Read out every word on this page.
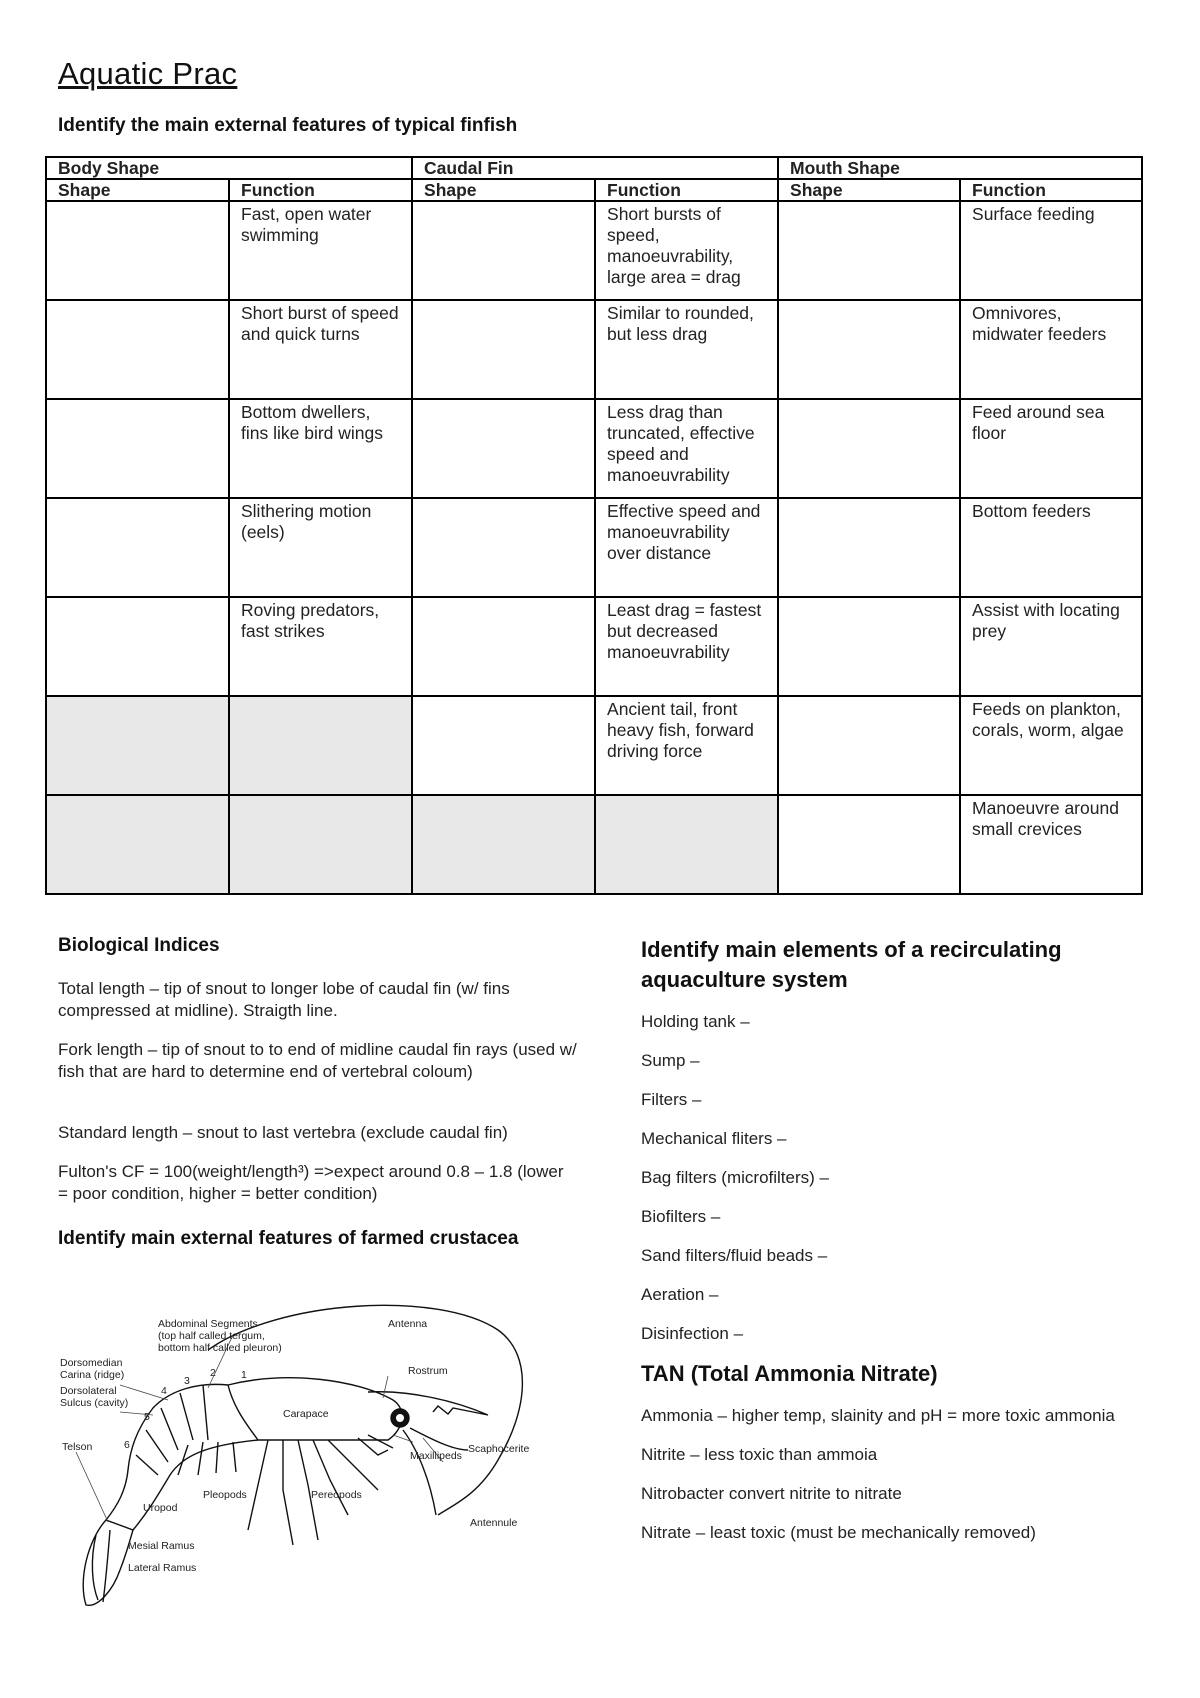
Aquatic Prac
Identify the main external features of typical finfish
Body Shape		Caudal Fin		Mouth Shape	
Shape	Function	Shape	Function	Shape	Function
	Fast, open water swimming		Short bursts of speed, manoeuvrability, large area = drag		Surface feeding
	Short burst of speed and quick turns		Similar to rounded, but less drag		Omnivores, midwater feeders
	Bottom dwellers, fins like bird wings		Less drag than truncated, effective speed and manoeuvrability		Feed around sea floor
	Slithering motion (eels)		Effective speed and manoeuvrability over distance		Bottom feeders
	Roving predators, fast strikes		Least drag = fastest but decreased manoeuvrability		Assist with locating prey
			Ancient tail, front heavy fish, forward driving force		Feeds on plankton, corals, worm, algae
					Manoeuvre around small crevices
Biological Indices
Total length – tip of snout to longer lobe of caudal fin (w/ fins compressed at midline). Straigth line.
Fork length – tip of snout to to end of midline caudal fin rays (used w/ fish that are hard to determine end of vertebral coloum)
Standard length – snout to last vertebra (exclude caudal fin)
Fulton's CF = 100(weight/length³) =>expect around 0.8 – 1.8 (lower = poor condition, higher = better condition)
Identify main external features of farmed crustacea
Abdominal Segments
(top half called tergum,
bottom half called pleuron)
Antenna
Dorsomedian
Carina (ridge)
Dorsolateral
Sulcus (cavity)
Rostrum
Carapace
Telson	Scaphocerite
Maxillipeds
Uropod
Pleopods	Pereopods
Antennule
Mesial Ramus
Lateral Ramus
1
2
3
4
5
6
Identify main elements of a recirculating aquaculture system
Holding tank –
Sump –
Filters –
Mechanical fliters –
Bag filters (microfilters) –
Biofilters –
Sand filters/fluid beads –
Aeration –
Disinfection –
TAN (Total Ammonia Nitrate)
Ammonia – higher temp, slainity and pH = more toxic ammonia
Nitrite – less toxic than ammoia
Nitrobacter convert nitrite to nitrate
Nitrate – least toxic (must be mechanically removed)
